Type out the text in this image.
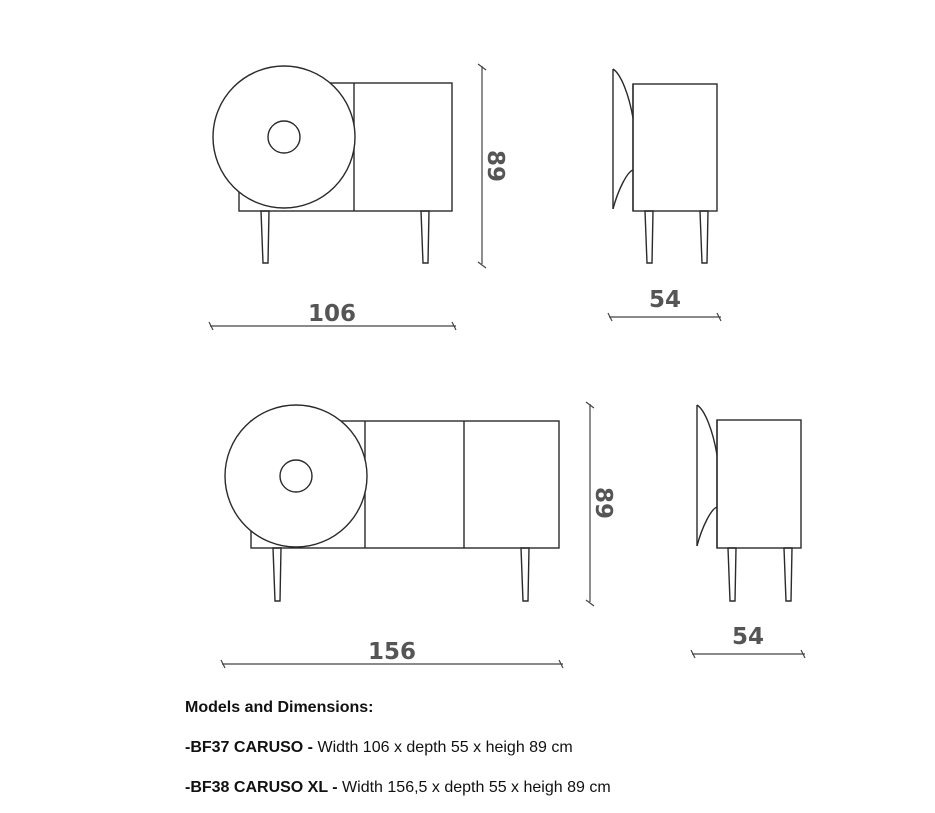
89
106
54
89
156
54
Models and Dimensions:
-BF37 CARUSO - Width 106 x depth 55 x heigh 89 cm
-BF38 CARUSO XL - Width 156,5 x depth 55 x heigh 89 cm
